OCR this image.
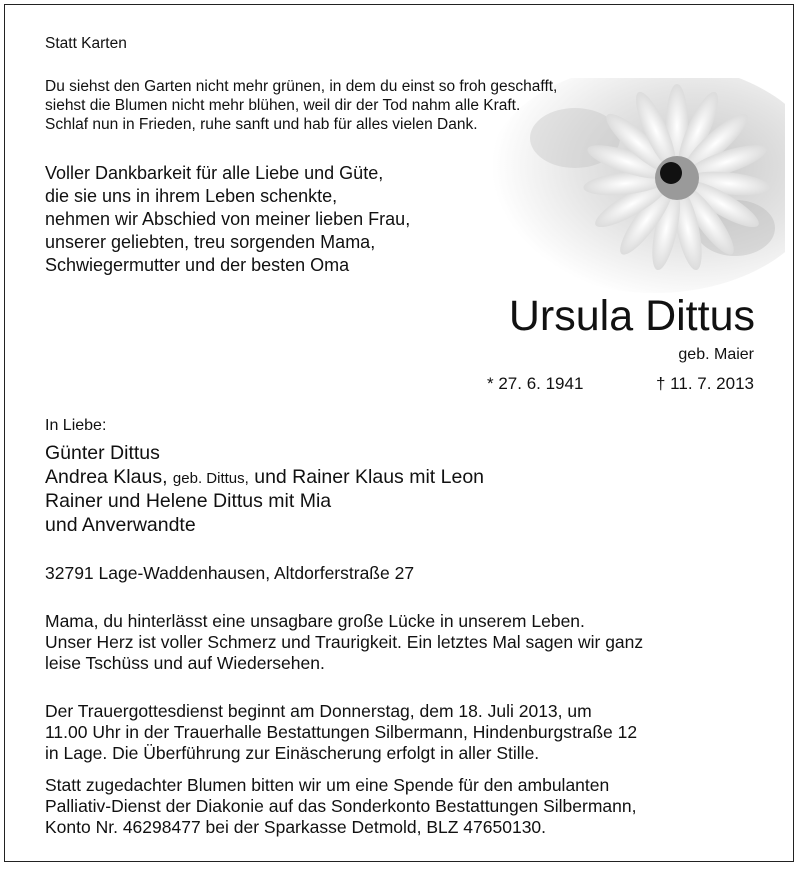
Statt Karten

Du siehst den Garten nicht mehr grünen, in dem du einst so froh geschafft,

siehst die Blumen nicht mehr blühen, weil dir der Tod nahm alle Kraft.

Schlaf nun in Frieden, ruhe sanft und hab für alles vielen Dank.

Voller Dankbarkeit für alle Liebe und Güte,

die sie uns in ihrem Leben schenkte,

nehmen wir Abschied von meiner lieben Frau,

unserer geliebten, treu sorgenden Mama,

Schwiegermutter und der besten Oma

Ursula Dittus

geb. Maier

* 27. 6. 1941	† 11. 7. 2013

In Liebe:

Günter Dittus

Andrea Klaus, geb. Dittus, und Rainer Klaus mit Leon

Rainer und Helene Dittus mit Mia

und Anverwandte

32791 Lage-Waddenhausen, Altdorferstraße 27

Mama, du hinterlässt eine unsagbare große Lücke in unserem Leben.

Unser Herz ist voller Schmerz und Traurigkeit. Ein letztes Mal sagen wir ganz

leise Tschüss und auf Wiedersehen.

Der Trauergottesdienst beginnt am Donnerstag, dem 18. Juli 2013, um

11.00 Uhr in der Trauerhalle Bestattungen Silbermann, Hindenburgstraße 12

in Lage. Die Überführung zur Einäscherung erfolgt in aller Stille.

Statt zugedachter Blumen bitten wir um eine Spende für den ambulanten

Palliativ-Dienst der Diakonie auf das Sonderkonto Bestattungen Silbermann,

Konto Nr. 46298477 bei der Sparkasse Detmold, BLZ 47650130.
